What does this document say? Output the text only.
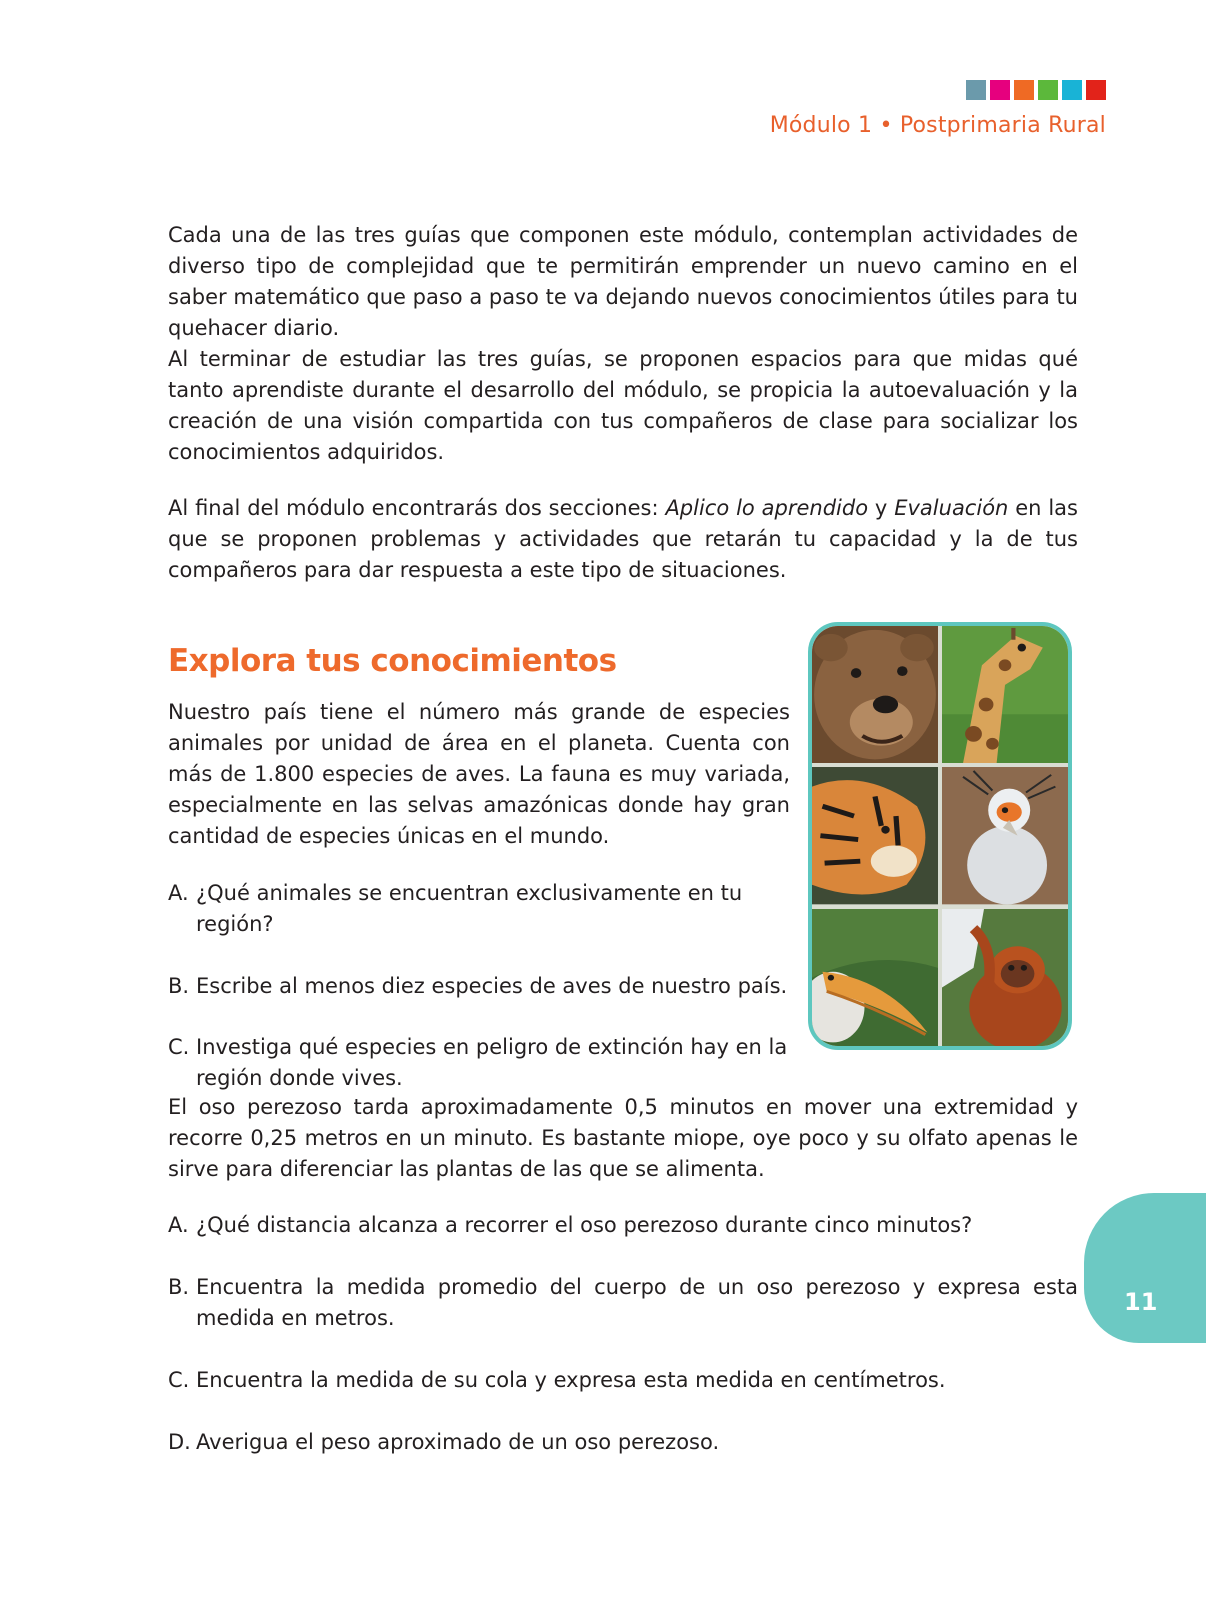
Módulo 1 • Postprimaria Rural

Cada una de las tres guías que componen este módulo, contemplan actividades de diverso tipo de complejidad que te permitirán emprender un nuevo camino en el saber matemático que paso a paso te va dejando nuevos conocimientos útiles para tu quehacer diario.

Al terminar de estudiar las tres guías, se proponen espacios para que midas qué tanto aprendiste durante el desarrollo del módulo, se propicia la autoevaluación y la creación de una visión compartida con tus compañeros de clase para socializar los conocimientos adquiridos.

Al final del módulo encontrarás dos secciones: Aplico lo aprendido y Evaluación en las que se proponen problemas y actividades que retarán tu capacidad y la de tus compañeros para dar respuesta a este tipo de situaciones.

Explora tus conocimientos

Nuestro país tiene el número más grande de especies animales por unidad de área en el planeta. Cuenta con más de 1.800 especies de aves. La fauna es muy variada, especialmente en las selvas amazónicas donde hay gran cantidad de especies únicas en el mundo.

A. ¿Qué animales se encuentran exclusivamente en tu región?
B. Escribe al menos diez especies de aves de nuestro país.
C. Investiga qué especies en peligro de extinción hay en la región donde vives.

El oso perezoso tarda aproximadamente 0,5 minutos en mover una extremidad y recorre 0,25 metros en un minuto. Es bastante miope, oye poco y su olfato apenas le sirve para diferenciar las plantas de las que se alimenta.

A. ¿Qué distancia alcanza a recorrer el oso perezoso durante cinco minutos?
B. Encuentra la medida promedio del cuerpo de un oso perezoso y expresa esta medida en metros.
C. Encuentra la medida de su cola y expresa esta medida en centímetros.
D. Averigua el peso aproximado de un oso perezoso.
11
